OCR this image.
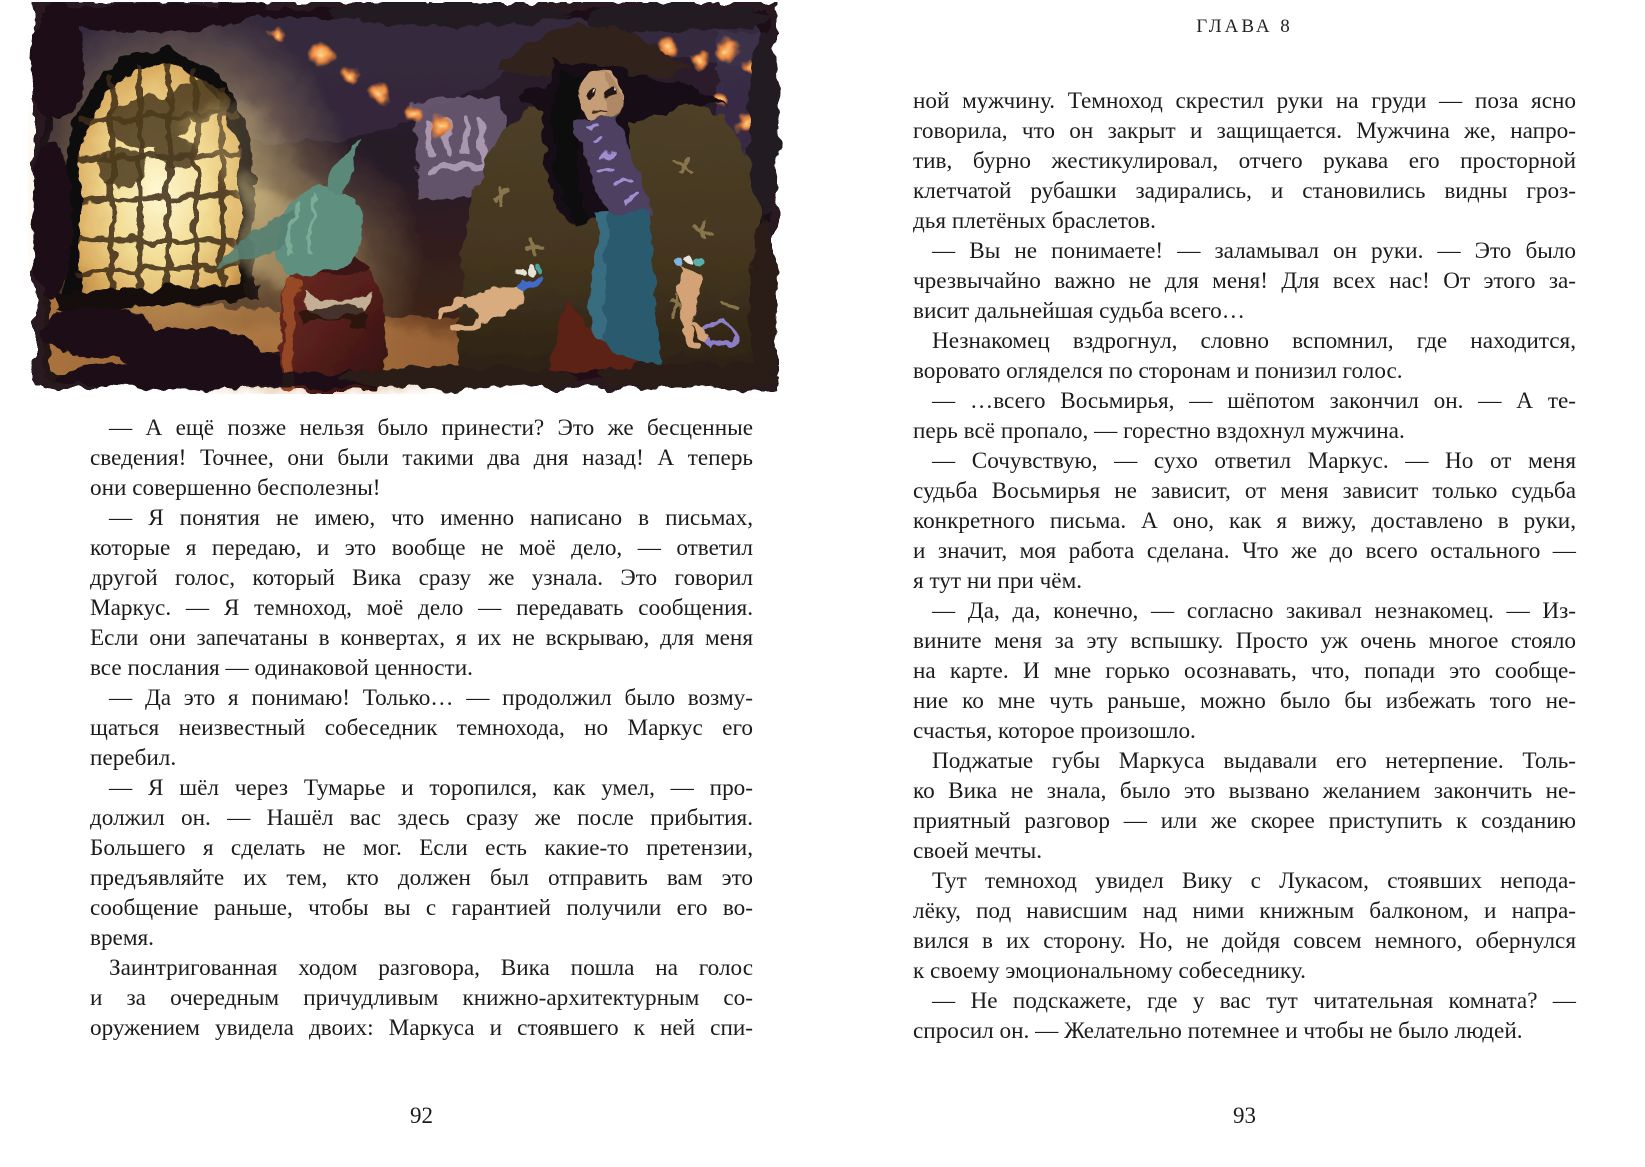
— А ещё позже нельзя было принести? Это же бесценные
сведения! Точнее, они были такими два дня назад! А теперь
они совершенно бесполезны!
— Я понятия не имею, что именно написано в письмах,
которые я передаю, и это вообще не моё дело, — ответил
другой голос, который Вика сразу же узнала. Это говорил
Маркус. — Я темноход, моё дело — передавать сообщения.
Если они запечатаны в конвертах, я их не вскрываю, для меня
все послания — одинаковой ценности.
— Да это я понимаю! Только… — продолжил было возму-
щаться неизвестный собеседник темнохода, но Маркус его
перебил.
— Я шёл через Тумарье и торопился, как умел, — про-
должил он. — Нашёл вас здесь сразу же после прибытия.
Большего я сделать не мог. Если есть какие-то претензии,
предъявляйте их тем, кто должен был отправить вам это
сообщение раньше, чтобы вы с гарантией получили его во-
время.
Заинтригованная ходом разговора, Вика пошла на голос
и за очередным причудливым книжно-архитектурным со-
оружением увидела двоих: Маркуса и стоявшего к ней спи-
92
ГЛАВА 8
ной мужчину. Темноход скрестил руки на груди — поза ясно
говорила, что он закрыт и защищается. Мужчина же, напро-
тив, бурно жестикулировал, отчего рукава его просторной
клетчатой рубашки задирались, и становились видны гроз-
дья плетёных браслетов.
— Вы не понимаете! — заламывал он руки. — Это было
чрезвычайно важно не для меня! Для всех нас! От этого за-
висит дальнейшая судьба всего…
Незнакомец вздрогнул, словно вспомнил, где находится,
воровато огляделся по сторонам и понизил голос.
— …всего Восьмирья, — шёпотом закончил он. — А те-
перь всё пропало, — горестно вздохнул мужчина.
— Сочувствую, — сухо ответил Маркус. — Но от меня
судьба Восьмирья не зависит, от меня зависит только судьба
конкретного письма. А оно, как я вижу, доставлено в руки,
и значит, моя работа сделана. Что же до всего остального —
я тут ни при чём.
— Да, да, конечно, — согласно закивал незнакомец. — Из-
вините меня за эту вспышку. Просто уж очень многое стояло
на карте. И мне горько осознавать, что, попади это сообще-
ние ко мне чуть раньше, можно было бы избежать того не-
счастья, которое произошло.
Поджатые губы Маркуса выдавали его нетерпение. Толь-
ко Вика не знала, было это вызвано желанием закончить не-
приятный разговор — или же скорее приступить к созданию
своей мечты.
Тут темноход увидел Вику с Лукасом, стоявших непода-
лёку, под нависшим над ними книжным балконом, и напра-
вился в их сторону. Но, не дойдя совсем немного, обернулся
к своему эмоциональному собеседнику.
— Не подскажете, где у вас тут читательная комната? —
спросил он. — Желательно потемнее и чтобы не было людей.
93
